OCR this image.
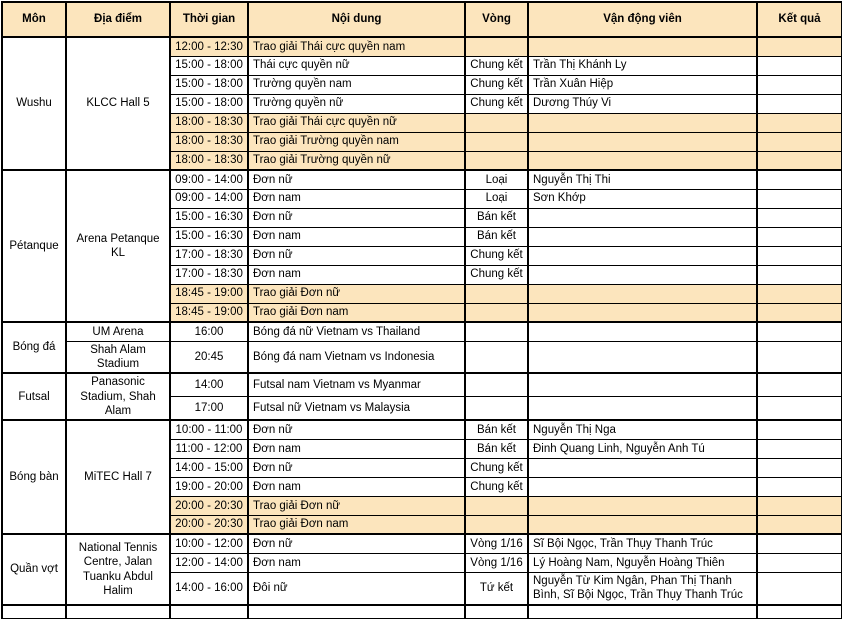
Môn	Địa điểm	Thời gian	Nội dung	Vòng	Vận động viên	Kết quả
Wushu	KLCC Hall 5	12:00 - 12:30	Trao giải Thái cực quyền nam			
		15:00 - 18:00	Thái cực quyền nữ	Chung kết	Trần Thị Khánh Ly	
		15:00 - 18:00	Trường quyền nam	Chung kết	Trần Xuân Hiệp	
		15:00 - 18:00	Trường quyền nữ	Chung kết	Dương Thúy Vi	
		18:00 - 18:30	Trao giải Thái cực quyền nữ			
		18:00 - 18:30	Trao giải Trường quyền nam			
		18:00 - 18:30	Trao giải Trường quyền nữ			
Pétanque	Arena Petanque KL	09:00 - 14:00	Đơn nữ	Loại	Nguyễn Thị Thi	
		09:00 - 14:00	Đơn nam	Loại	Sơn Khớp	
		15:00 - 16:30	Đơn nữ	Bán kết		
		15:00 - 16:30	Đơn nam	Bán kết		
		17:00 - 18:30	Đơn nữ	Chung kết		
		17:00 - 18:30	Đơn nam	Chung kết		
		18:45 - 19:00	Trao giải Đơn nữ			
		18:45 - 19:00	Trao giải Đơn nam			
Bóng đá	UM Arena	16:00	Bóng đá nữ Vietnam vs Thailand			
	Shah Alam Stadium	20:45	Bóng đá nam Vietnam vs Indonesia			
Futsal	Panasonic Stadium, Shah Alam	14:00	Futsal nam Vietnam vs Myanmar			
		17:00	Futsal nữ Vietnam vs Malaysia			
Bóng bàn	MiTEC Hall 7	10:00 - 11:00	Đơn nữ	Bán kết	Nguyễn Thị Nga	
		11:00 - 12:00	Đơn nam	Bán kết	Đinh Quang Linh, Nguyễn Anh Tú	
		14:00 - 15:00	Đơn nữ	Chung kết		
		19:00 - 20:00	Đơn nam	Chung kết		
		20:00 - 20:30	Trao giải Đơn nữ			
		20:00 - 20:30	Trao giải Đơn nam			
Quần vợt	National Tennis Centre, Jalan Tuanku Abdul Halim	10:00 - 12:00	Đơn nữ	Vòng 1/16	Sĩ Bội Ngọc, Trần Thụy Thanh Trúc	
		12:00 - 14:00	Đơn nam	Vòng 1/16	Lý Hoàng Nam, Nguyễn Hoàng Thiên	
		14:00 - 16:00	Đôi nữ	Tứ kết	Nguyễn Từ Kim Ngân, Phan Thị Thanh Bình, Sĩ Bội Ngọc, Trần Thụy Thanh Trúc	
